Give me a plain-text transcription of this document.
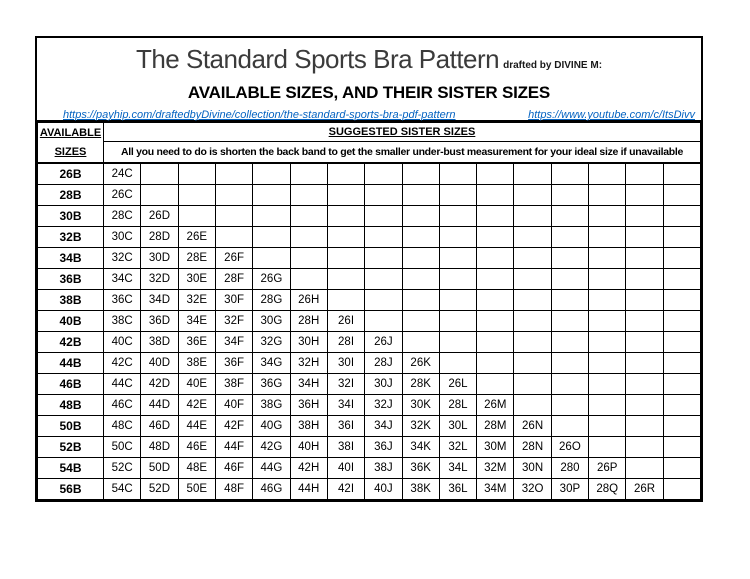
The Standard Sports Bra Pattern drafted by DIVINE M:
AVAILABLE SIZES, AND THEIR SISTER SIZES
https://payhip.com/draftedbyDivine/collection/the-standard-sports-bra-pdf-pattern	https://www.youtube.com/c/ItsDivv
AVAILABLE
SIZES	SUGGESTED SISTER SIZES															
	All you need to do is shorten the back band to get the smaller under-bust measurement for your ideal size if unavailable															
26B	24C															
28B	26C															
30B	28C	26D														
32B	30C	28D	26E													
34B	32C	30D	28E	26F												
36B	34C	32D	30E	28F	26G											
38B	36C	34D	32E	30F	28G	26H										
40B	38C	36D	34E	32F	30G	28H	26I									
42B	40C	38D	36E	34F	32G	30H	28I	26J								
44B	42C	40D	38E	36F	34G	32H	30I	28J	26K							
46B	44C	42D	40E	38F	36G	34H	32I	30J	28K	26L						
48B	46C	44D	42E	40F	38G	36H	34I	32J	30K	28L	26M					
50B	48C	46D	44E	42F	40G	38H	36I	34J	32K	30L	28M	26N				
52B	50C	48D	46E	44F	42G	40H	38I	36J	34K	32L	30M	28N	26O			
54B	52C	50D	48E	46F	44G	42H	40I	38J	36K	34L	32M	30N	280	26P		
56B	54C	52D	50E	48F	46G	44H	42I	40J	38K	36L	34M	32O	30P	28Q	26R	
